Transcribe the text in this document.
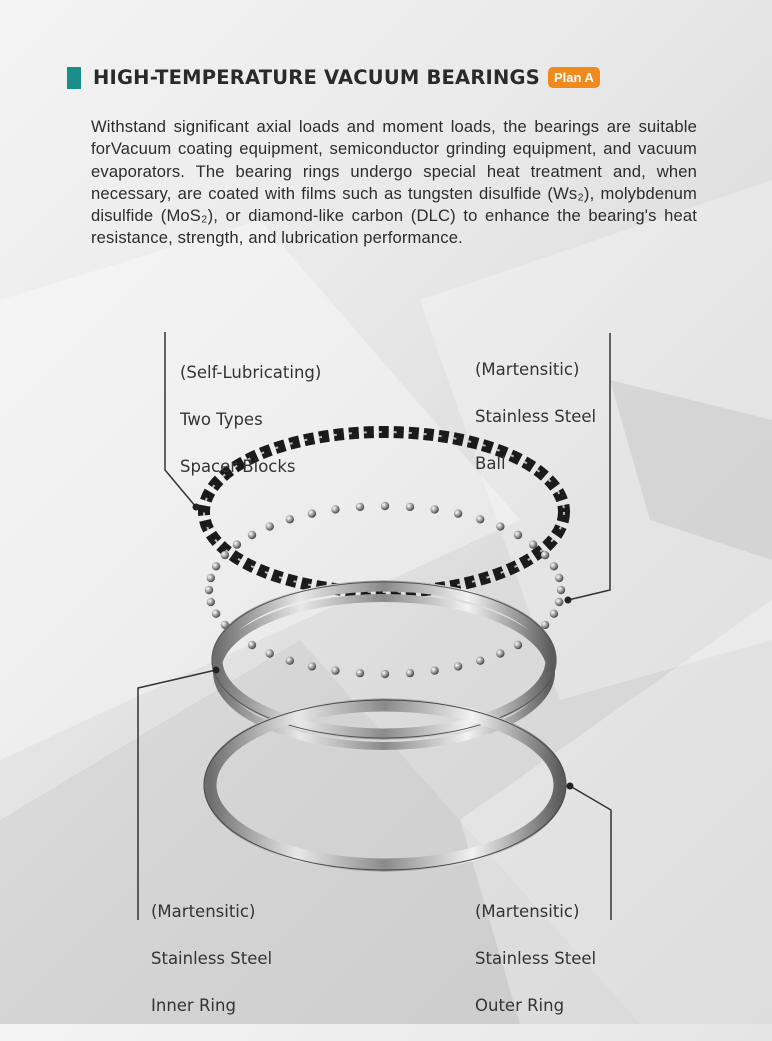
HIGH-TEMPERATURE VACUUM BEARINGS	Plan A

Withstand significant axial loads and moment loads, the bearings are suitable forVacuum coating equipment, semiconductor grinding equipment, and vacuum evaporators. The bearing rings undergo special heat treatment and, when necessary, are coated with films such as tungsten disulfide (Ws₂), molybdenum disulfide (MoS₂), or diamond-like carbon (DLC) to enhance the bearing's heat resistance, strength, and lubrication performance.

(Self-Lubricating)

Two Types

Spacer Blocks

(Martensitic)

Stainless Steel

Ball

(Martensitic)

Stainless Steel

Inner Ring

(Martensitic)

Stainless Steel

Outer Ring
